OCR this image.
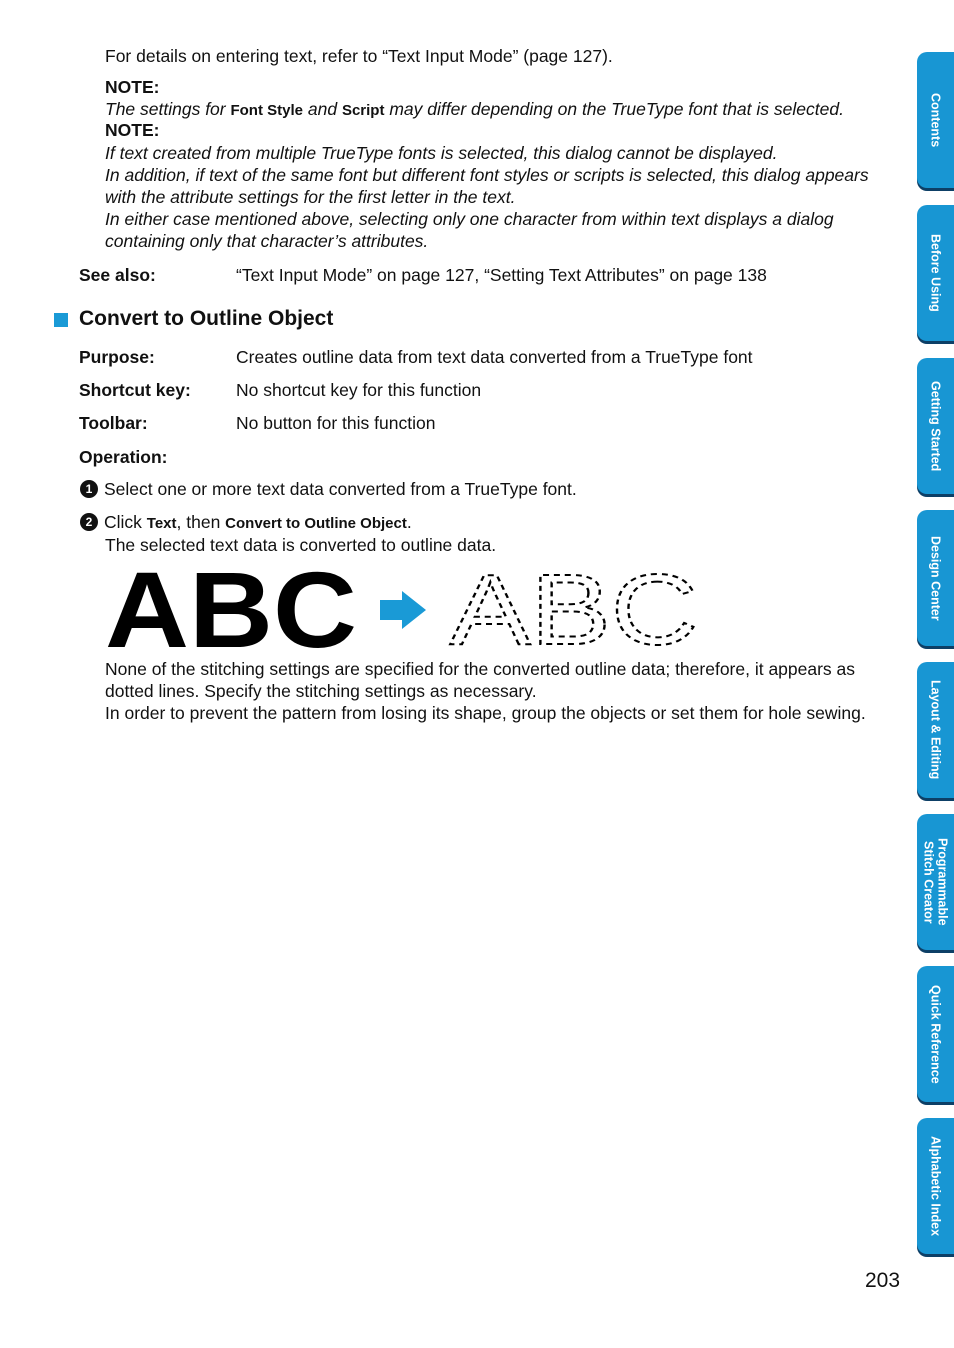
For details on entering text, refer to “Text Input Mode” (page 127).
NOTE:
The settings for Font Style and Script may differ depending on the TrueType font that is selected.
NOTE:
If text created from multiple TrueType fonts is selected, this dialog cannot be displayed.
In addition, if text of the same font but different font styles or scripts is selected, this dialog appears
with the attribute settings for the first letter in the text.
In either case mentioned above, selecting only one character from within text displays a dialog
containing only that character’s attributes.
See also:	“Text Input Mode” on page 127, “Setting Text Attributes” on page 138
Convert to Outline Object
Purpose:	Creates outline data from text data converted from a TrueType font
Shortcut key:	No shortcut key for this function
Toolbar:	No button for this function
Operation:
1 Select one or more text data converted from a TrueType font.
2 Click Text, then Convert to Outline Object.
The selected text data is converted to outline data.
ABC ABC
None of the stitching settings are specified for the converted outline data; therefore, it appears as
dotted lines. Specify the stitching settings as necessary.
In order to prevent the pattern from losing its shape, group the objects or set them for hole sewing.
Contents
Before Using
Getting Started
Design Center
Layout & Editing
Programmable
Stitch Creator
Quick Reference
Alphabetic Index
203
